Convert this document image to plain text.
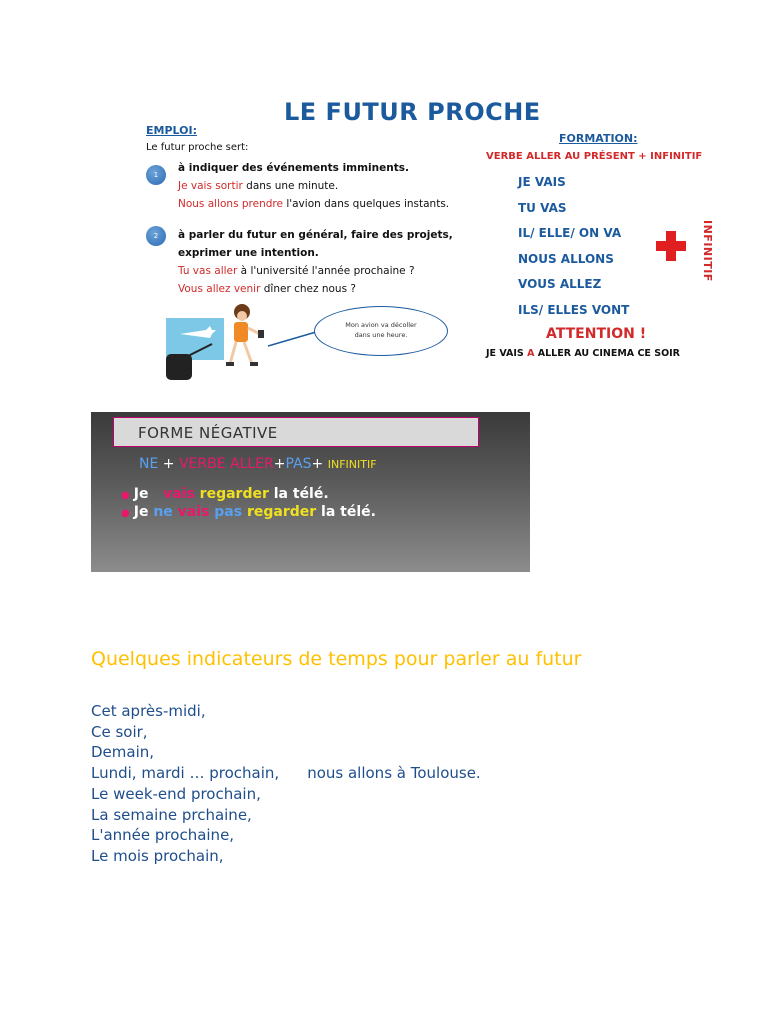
LE FUTUR PROCHE
EMPLOI:
Le futur proche sert:
1
à indiquer des événements imminents.
Je vais sortir dans une minute.
Nous allons prendre l'avion dans quelques instants.
2	à parler du futur en général, faire des projets,
exprimer une intention.
Tu vas aller à l'université l'année prochaine ?
Vous allez venir dîner chez nous ?
Mon avion va décoller
dans une heure.
FORMATION:
VERBE ALLER AU PRÉSENT + INFINITIF
JE VAIS
TU VAS
IL/ ELLE/ ON VA
NOUS ALLONS
VOUS ALLEZ
ILS/ ELLES VONT
INFINITIF
ATTENTION !
JE VAIS A ALLER AU CINEMA CE SOIR
FORME NÉGATIVE
NE + VERBE ALLER+PAS+ INFINITIF
● Je vais regarder la télé.
● Je ne vais pas regarder la télé.
Quelques indicateurs de temps pour parler au futur
Cet après-midi,
Ce soir,
Demain,
Lundi, mardi … prochain, nous allons à Toulouse.
Le week-end prochain,
La semaine prchaine,
L'année prochaine,
Le mois prochain,
